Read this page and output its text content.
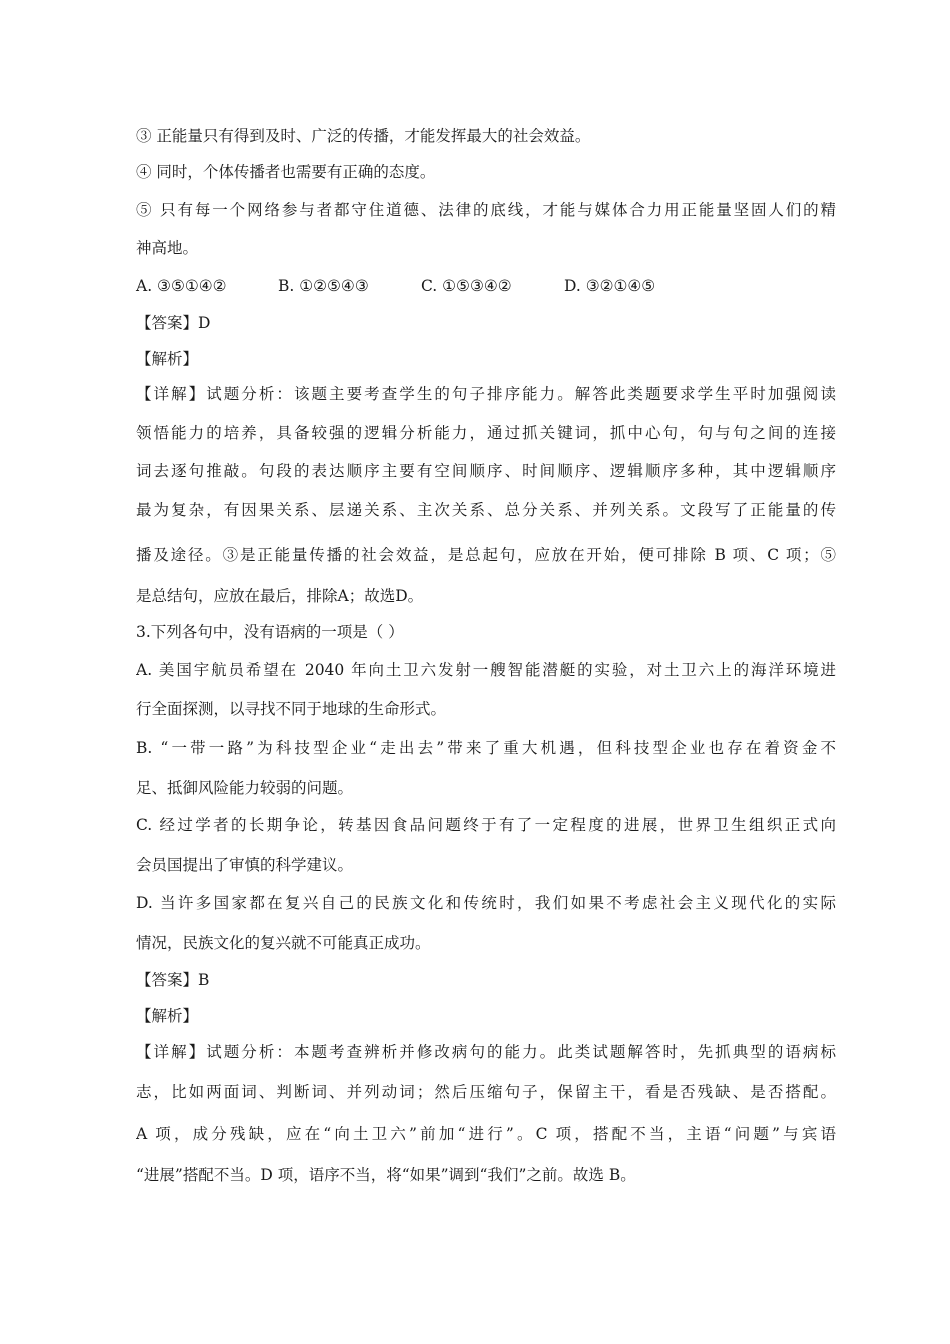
③ 正能量只有得到及时、广泛的传播，才能发挥最大的社会效益。
④ 同时，个体传播者也需要有正确的态度。
⑤ 只有每一个网络参与者都守住道德、法律的底线，才能与媒体合力用正能量坚固人们的精
神高地。
A. ③⑤①④②	B. ①②⑤④③	C. ①⑤③④②	D. ③②①④⑤
【答案】D
【解析】
【详解】试题分析：该题主要考查学生的句子排序能力。解答此类题要求学生平时加强阅读
领悟能力的培养，具备较强的逻辑分析能力，通过抓关键词，抓中心句，句与句之间的连接
词去逐句推敲。句段的表达顺序主要有空间顺序、时间顺序、逻辑顺序多种，其中逻辑顺序
最为复杂，有因果关系、层递关系、主次关系、总分关系、并列关系。文段写了正能量的传
播及途径。③是正能量传播的社会效益，是总起句，应放在开始，便可排除 B 项、C 项；⑤
是总结句，应放在最后，排除A；故选D。
3.下列各句中，没有语病的一项是（ ）
A. 美国宇航员希望在 2040 年向土卫六发射一艘智能潜艇的实验，对土卫六上的海洋环境进
行全面探测，以寻找不同于地球的生命形式。
B. “一带一路”为科技型企业“走出去”带来了重大机遇，但科技型企业也存在着资金不
足、抵御风险能力较弱的问题。
C. 经过学者的长期争论，转基因食品问题终于有了一定程度的进展，世界卫生组织正式向
会员国提出了审慎的科学建议。
D. 当许多国家都在复兴自己的民族文化和传统时，我们如果不考虑社会主义现代化的实际
情况，民族文化的复兴就不可能真正成功。
【答案】B
【解析】
【详解】试题分析：本题考查辨析并修改病句的能力。此类试题解答时，先抓典型的语病标
志，比如两面词、判断词、并列动词；然后压缩句子，保留主干，看是否残缺、是否搭配。
A 项，成分残缺，应在“向土卫六”前加“进行”。C 项，搭配不当，主语“问题”与宾语
“进展”搭配不当。D 项，语序不当，将“如果”调到“我们”之前。故选 B。
